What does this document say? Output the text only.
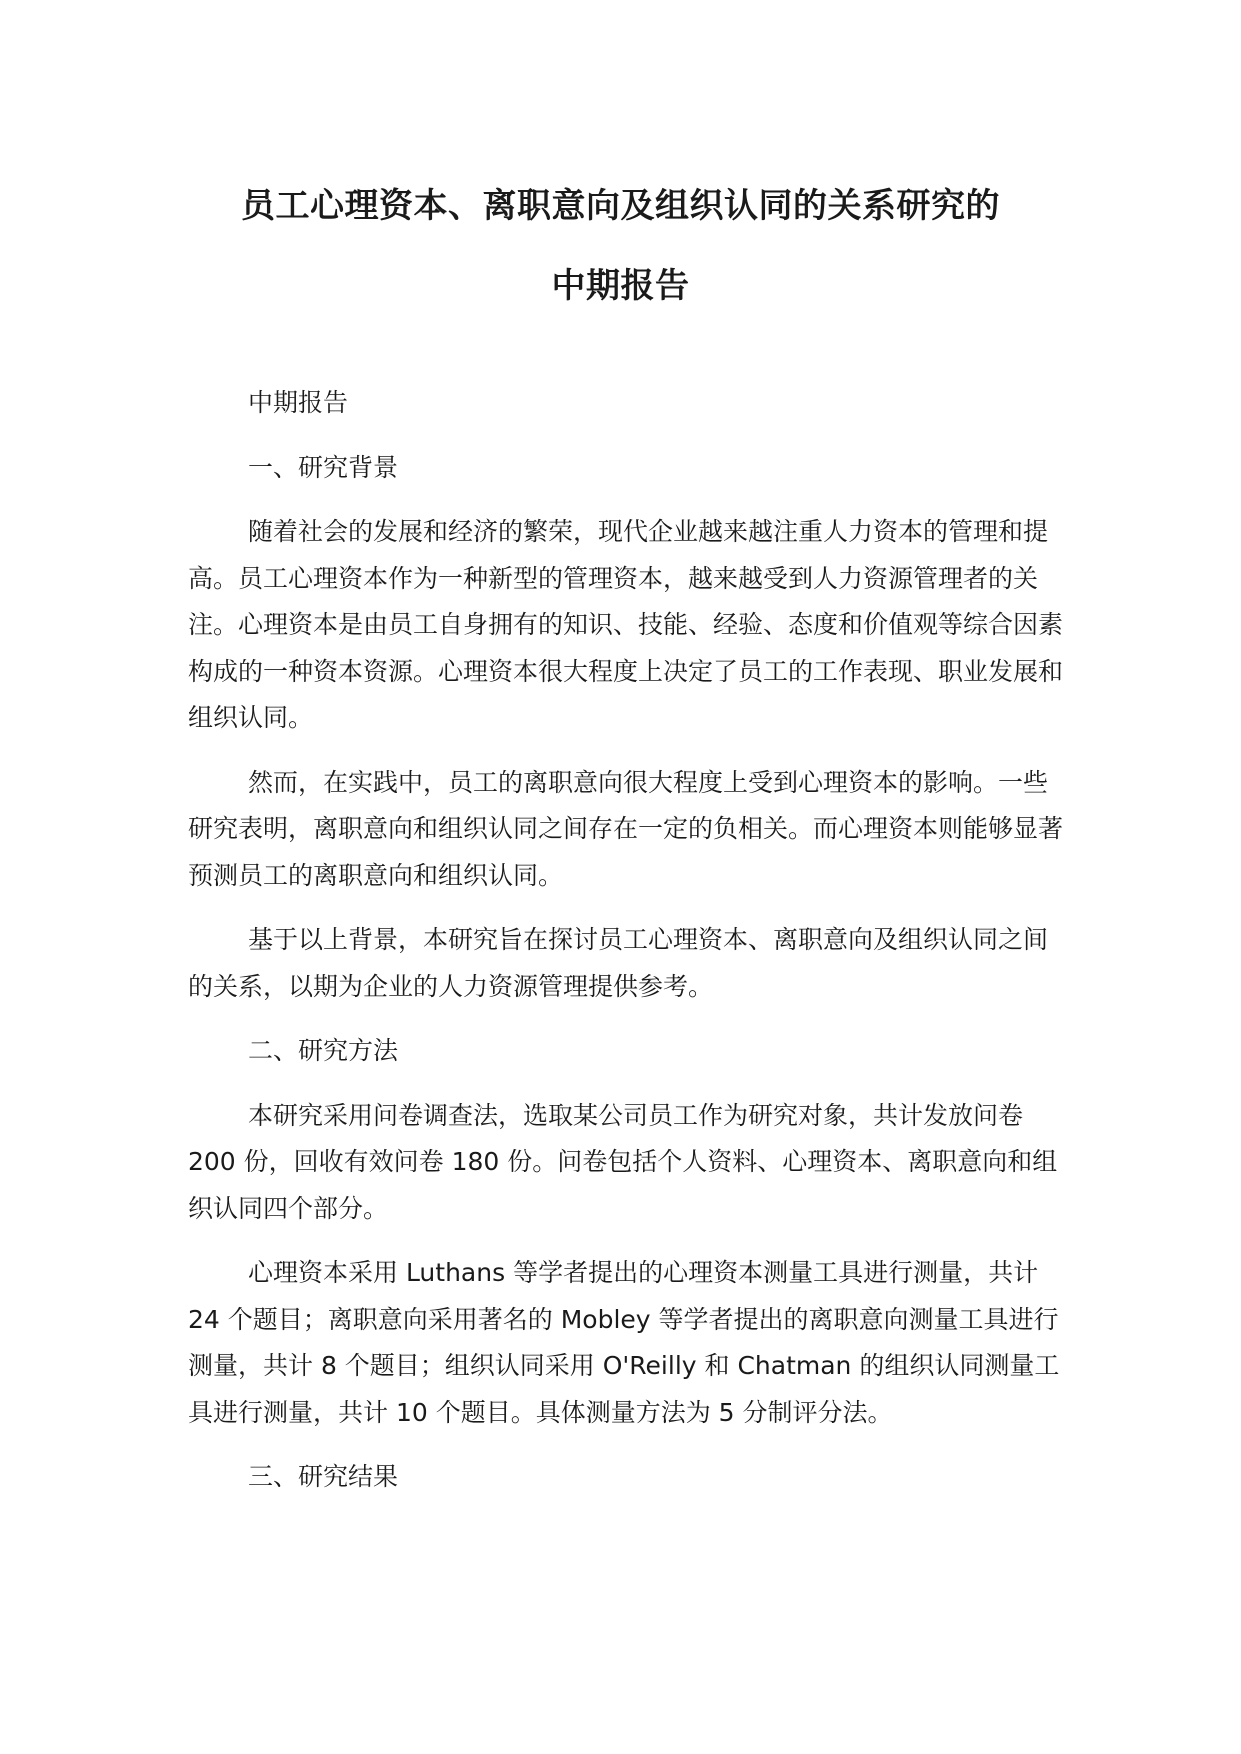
员工心理资本、离职意向及组织认同的关系研究的
中期报告

中期报告

一、研究背景

随着社会的发展和经济的繁荣，现代企业越来越注重人力资本的管理和提高。员工心理资本作为一种新型的管理资本，越来越受到人力资源管理者的关注。心理资本是由员工自身拥有的知识、技能、经验、态度和价值观等综合因素构成的一种资本资源。心理资本很大程度上决定了员工的工作表现、职业发展和组织认同。

然而，在实践中，员工的离职意向很大程度上受到心理资本的影响。一些研究表明，离职意向和组织认同之间存在一定的负相关。而心理资本则能够显著预测员工的离职意向和组织认同。

基于以上背景，本研究旨在探讨员工心理资本、离职意向及组织认同之间的关系，以期为企业的人力资源管理提供参考。

二、研究方法

本研究采用问卷调查法，选取某公司员工作为研究对象，共计发放问卷 200 份，回收有效问卷 180 份。问卷包括个人资料、心理资本、离职意向和组织认同四个部分。

心理资本采用 Luthans 等学者提出的心理资本测量工具进行测量，共计 24 个题目；离职意向采用著名的 Mobley 等学者提出的离职意向测量工具进行测量，共计 8 个题目；组织认同采用 O'Reilly 和 Chatman 的组织认同测量工具进行测量，共计 10 个题目。具体测量方法为 5 分制评分法。

三、研究结果
